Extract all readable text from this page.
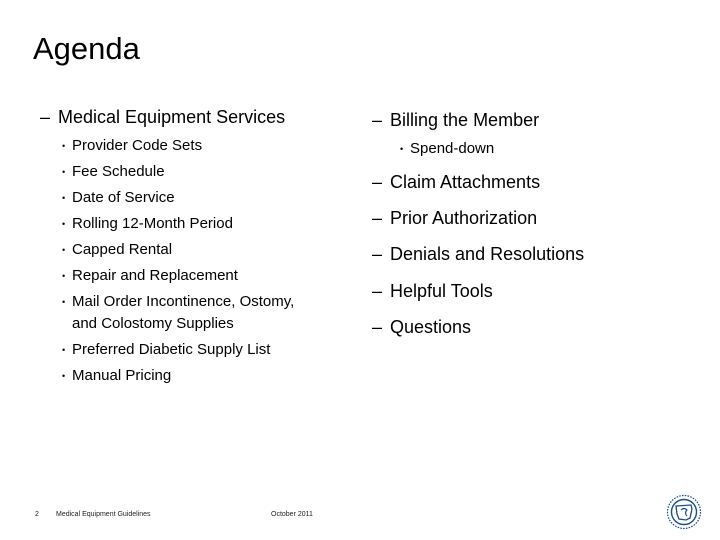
Agenda
– Medical Equipment Services
• Provider Code Sets
• Fee Schedule
• Date of Service
• Rolling 12-Month Period
• Capped Rental
• Repair and Replacement
• Mail Order Incontinence, Ostomy,
and Colostomy Supplies
• Preferred Diabetic Supply List
• Manual Pricing
– Billing the Member
• Spend-down
– Claim Attachments
– Prior Authorization
– Denials and Resolutions
– Helpful Tools
– Questions
2 Medical Equipment Guidelines	October 2011
